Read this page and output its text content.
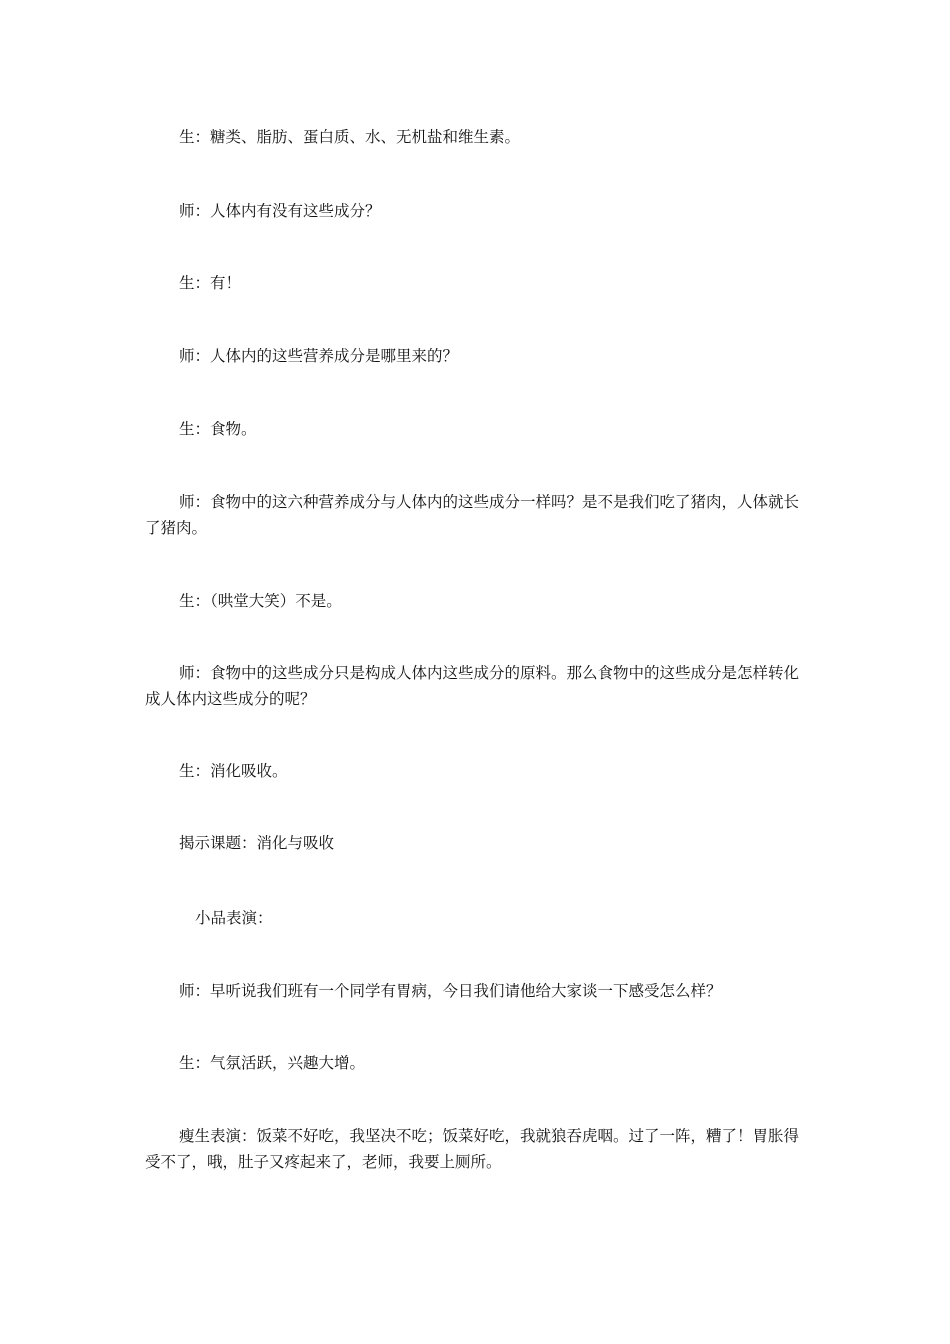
生：糖类、脂肪、蛋白质、水、无机盐和维生素。

师：人体内有没有这些成分？

生：有！

师：人体内的这些营养成分是哪里来的？

生：食物。

师：食物中的这六种营养成分与人体内的这些成分一样吗？是不是我们吃了猪肉，人体就长了猪肉。

生：（哄堂大笑）不是。

师：食物中的这些成分只是构成人体内这些成分的原料。那么食物中的这些成分是怎样转化成人体内这些成分的呢？

生：消化吸收。

揭示课题：消化与吸收

小品表演：

师：早听说我们班有一个同学有胃病，今日我们请他给大家谈一下感受怎么样？

生：气氛活跃，兴趣大增。

瘦生表演：饭菜不好吃，我坚决不吃；饭菜好吃，我就狼吞虎咽。过了一阵，糟了！胃胀得受不了，哦，肚子又疼起来了，老师，我要上厕所。
